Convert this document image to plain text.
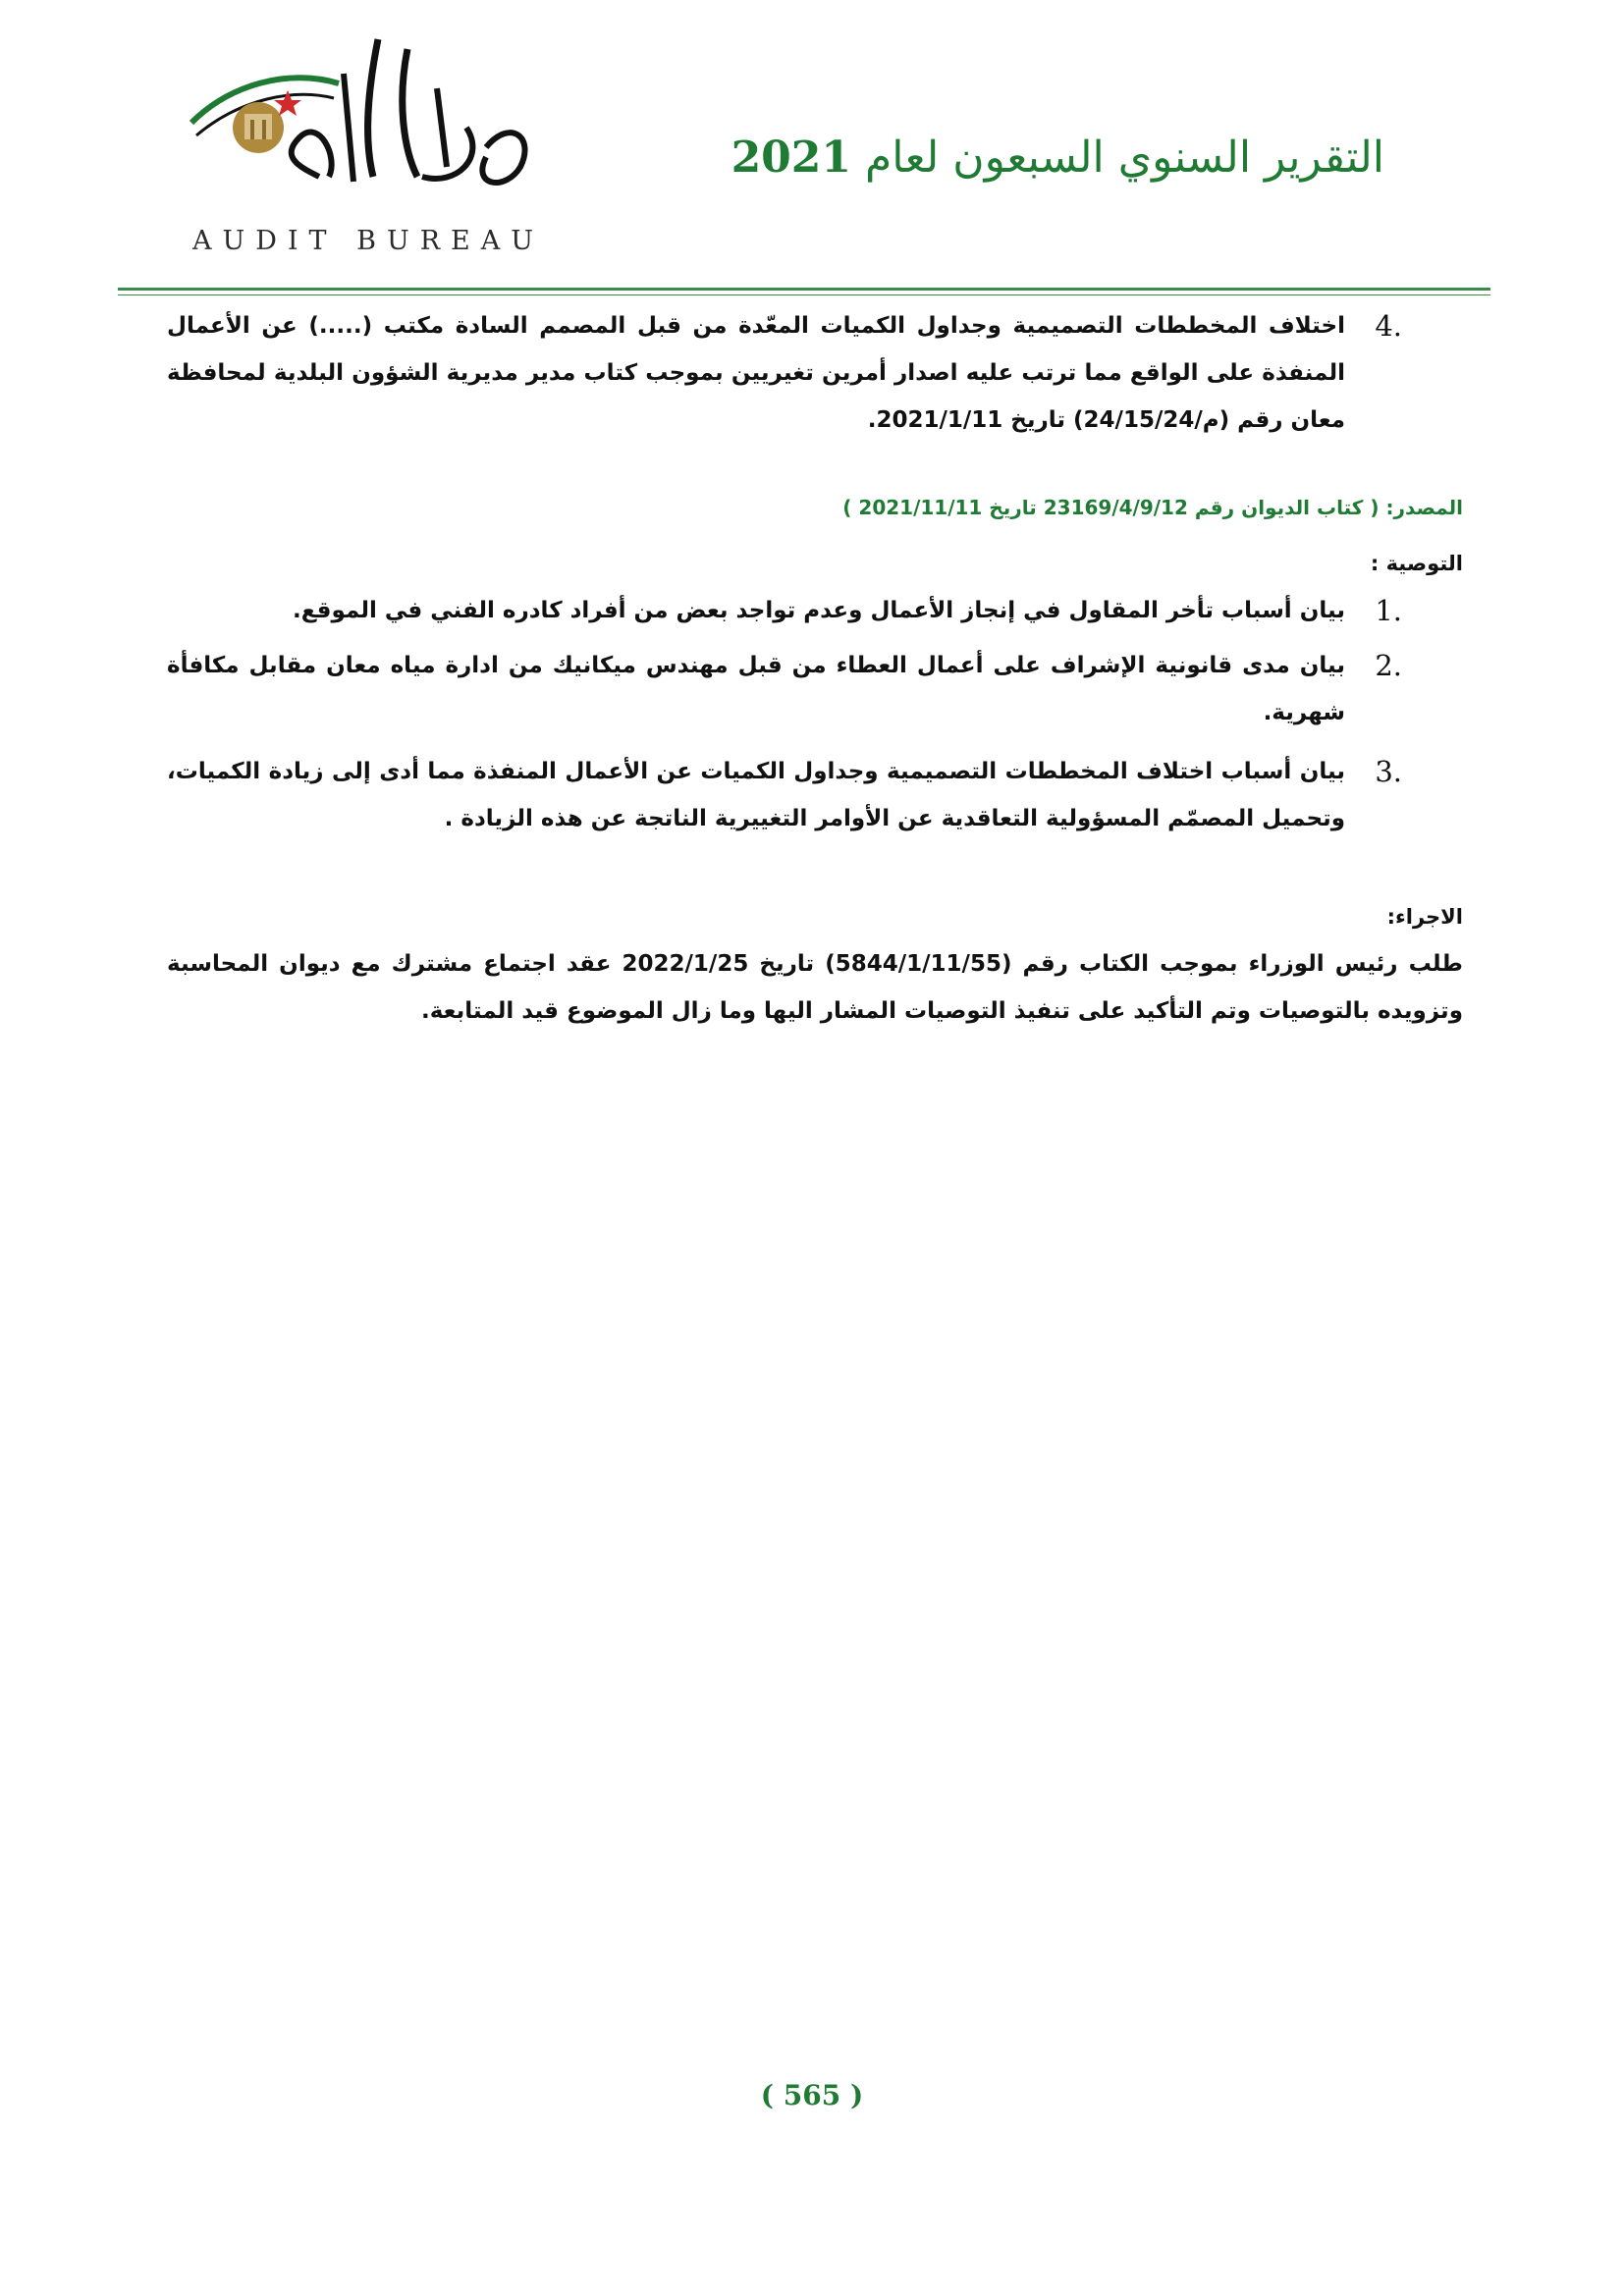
AUDIT BUREAU
التقرير السنوي السبعون لعام 2021
4.
اختلاف المخططات التصميمية وجداول الكميات المعّدة من قبل المصمم السادة مكتب (.....) عن الأعمال المنفذة على الواقع مما ترتب عليه اصدار أمرين تغيريين بموجب كتاب مدير مديرية الشؤون البلدية لمحافظة معان رقم (م/24/15/24) تاريخ 2021/1/11.
المصدر: ( كتاب الديوان رقم 23169/4/9/12 تاريخ 2021/11/11 )
التوصية :
1.
بيان أسباب تأخر المقاول في إنجاز الأعمال وعدم تواجد بعض من أفراد كادره الفني في الموقع.
2.
بيان مدى قانونية الإشراف على أعمال العطاء من قبل مهندس ميكانيك من ادارة مياه معان مقابل مكافأة شهرية.
3.
بيان أسباب اختلاف المخططات التصميمية وجداول الكميات عن الأعمال المنفذة مما أدى إلى زيادة الكميات، وتحميل المصمّم المسؤولية التعاقدية عن الأوامر التغييرية الناتجة عن هذه الزيادة .
الاجراء:
طلب رئيس الوزراء بموجب الكتاب رقم (5844/1/11/55) تاريخ 2022/1/25 عقد اجتماع مشترك مع ديوان المحاسبة وتزويده بالتوصيات وتم التأكيد على تنفيذ التوصيات المشار اليها وما زال الموضوع قيد المتابعة.
( 565 )
